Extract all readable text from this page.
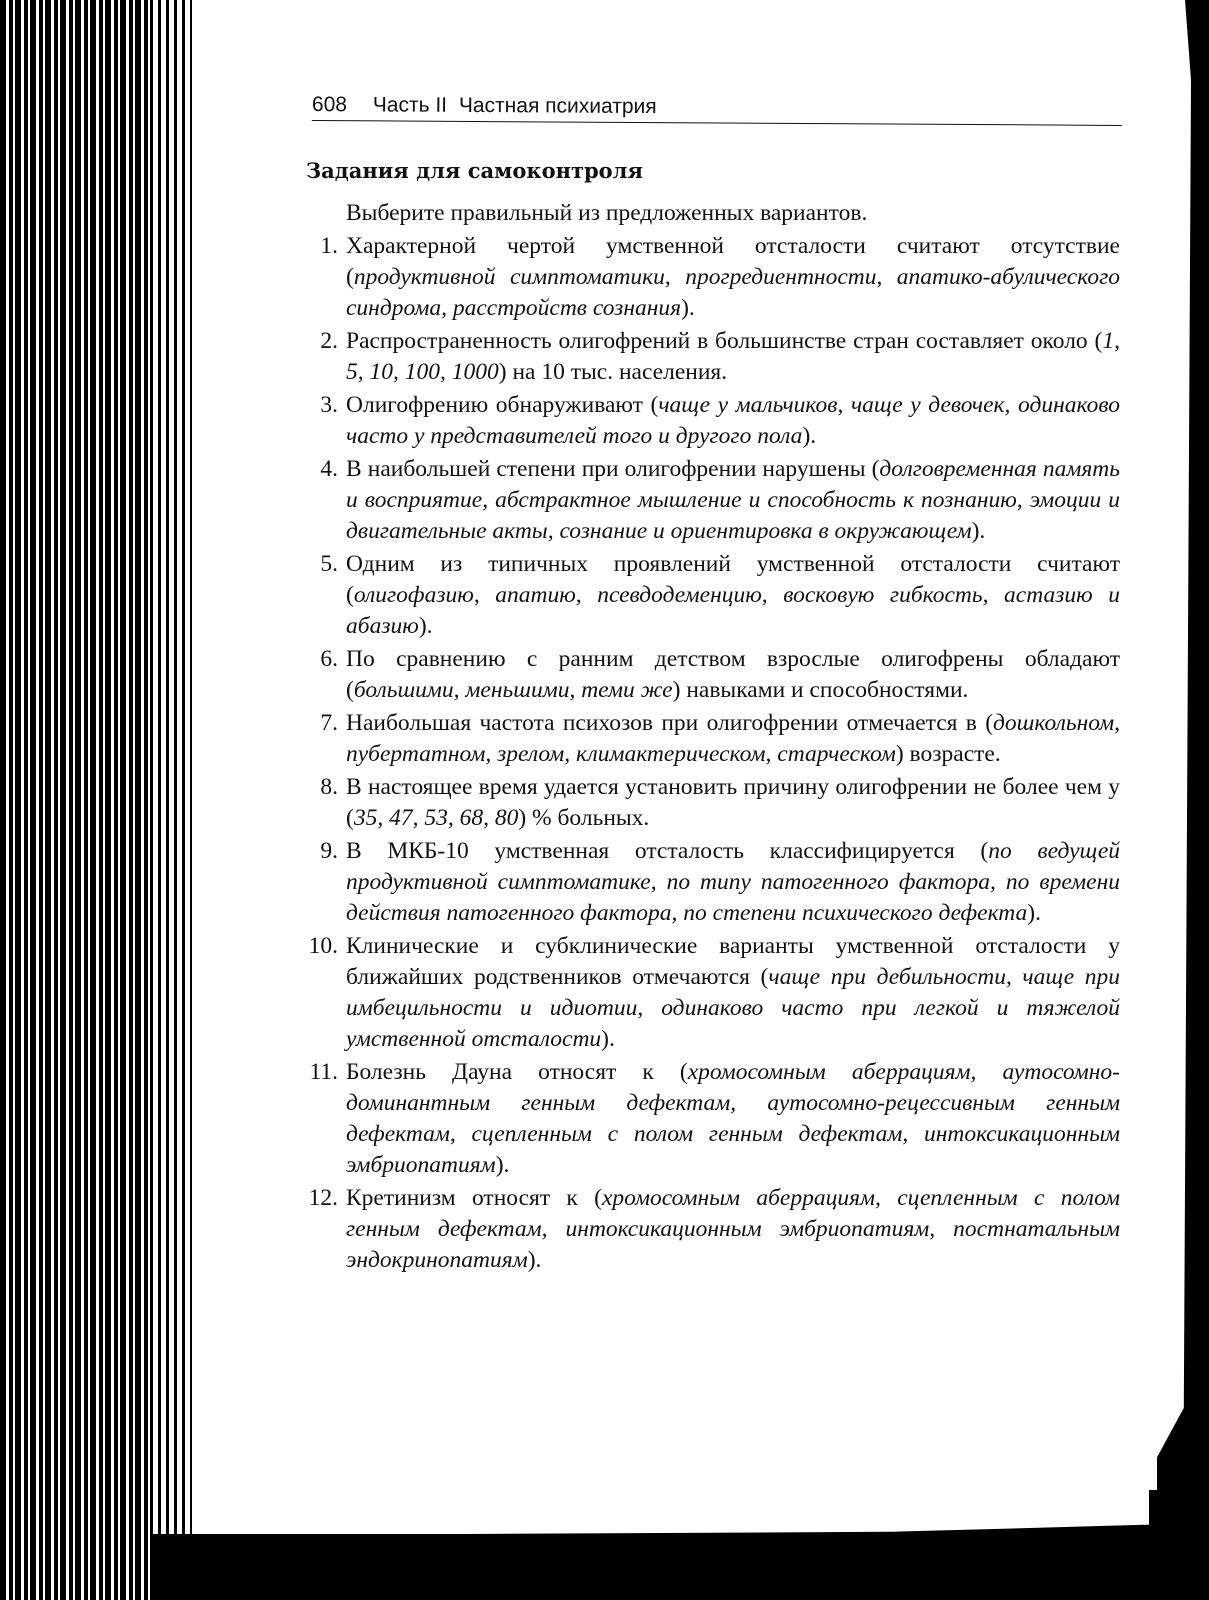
608 Часть II Частная психиатрия
Задания для самоконтроля
Выберите правильный из предложенных вариантов.
1. Характерной чертой умственной отсталости считают отсутствие (продуктивной симптоматики, прогредиентности, апатико-абулического синдрома, расстройств сознания).
2. Распространенность олигофрений в большинстве стран составляет около (1, 5, 10, 100, 1000) на 10 тыс. населения.
3. Олигофрению обнаруживают (чаще у мальчиков, чаще у девочек, одинаково часто у представителей того и другого пола).
4. В наибольшей степени при олигофрении нарушены (долговременная память и восприятие, абстрактное мышление и способность к познанию, эмоции и двигательные акты, сознание и ориентировка в окружающем).
5. Одним из типичных проявлений умственной отсталости считают (олигофазию, апатию, псевдодеменцию, восковую гибкость, астазию и абазию).
6. По сравнению с ранним детством взрослые олигофрены обладают (большими, меньшими, теми же) навыками и способностями.
7. Наибольшая частота психозов при олигофрении отмечается в (дошкольном, пубертатном, зрелом, климактерическом, старческом) возрасте.
8. В настоящее время удается установить причину олигофрении не более чем у (35, 47, 53, 68, 80) % больных.
9. В МКБ-10 умственная отсталость классифицируется (по ведущей продуктивной симптоматике, по типу патогенного фактора, по времени действия патогенного фактора, по степени психического дефекта).
10. Клинические и субклинические варианты умственной отсталости у ближайших родственников отмечаются (чаще при дебильности, чаще при имбецильности и идиотии, одинаково часто при легкой и тяжелой умственной отсталости).
11. Болезнь Дауна относят к (хромосомным аберрациям, аутосомно-доминантным генным дефектам, аутосомно-рецессивным генным дефектам, сцепленным с полом генным дефектам, интоксикационным эмбриопатиям).
12. Кретинизм относят к (хромосомным аберрациям, сцепленным с полом генным дефектам, интоксикационным эмбриопатиям, постнатальным эндокринопатиям).
